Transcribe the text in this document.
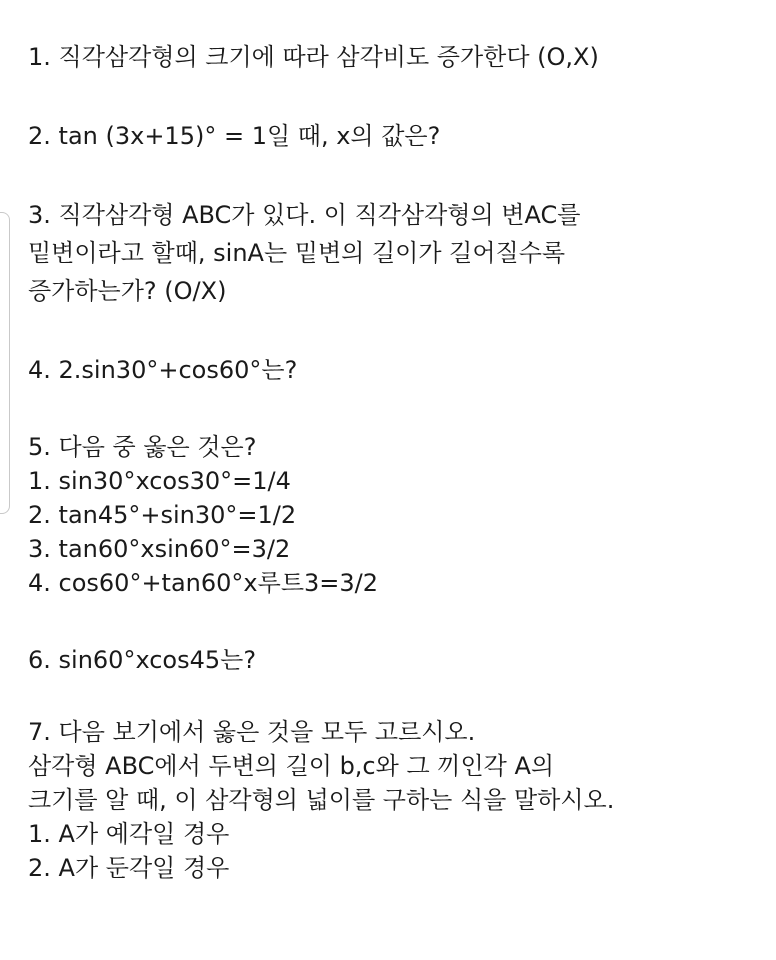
1. 직각삼각형의 크기에 따라 삼각비도 증가한다 (O,X)
2. tan (3x+15)° = 1일 때, x의 값은?
3. 직각삼각형 ABC가 있다. 이 직각삼각형의 변AC를
밑변이라고 할때, sinA는 밑변의 길이가 길어질수록
증가하는가? (O/X)
4. 2.sin30°+cos60°는?
5. 다음 중 옳은 것은?
1. sin30°xcos30°=1/4
2. tan45°+sin30°=1/2
3. tan60°xsin60°=3/2
4. cos60°+tan60°x루트3=3/2
6. sin60°xcos45는?
7. 다음 보기에서 옳은 것을 모두 고르시오.
삼각형 ABC에서 두변의 길이 b,c와 그 끼인각 A의
크기를 알 때, 이 삼각형의 넓이를 구하는 식을 말하시오.
1. A가 예각일 경우
2. A가 둔각일 경우
